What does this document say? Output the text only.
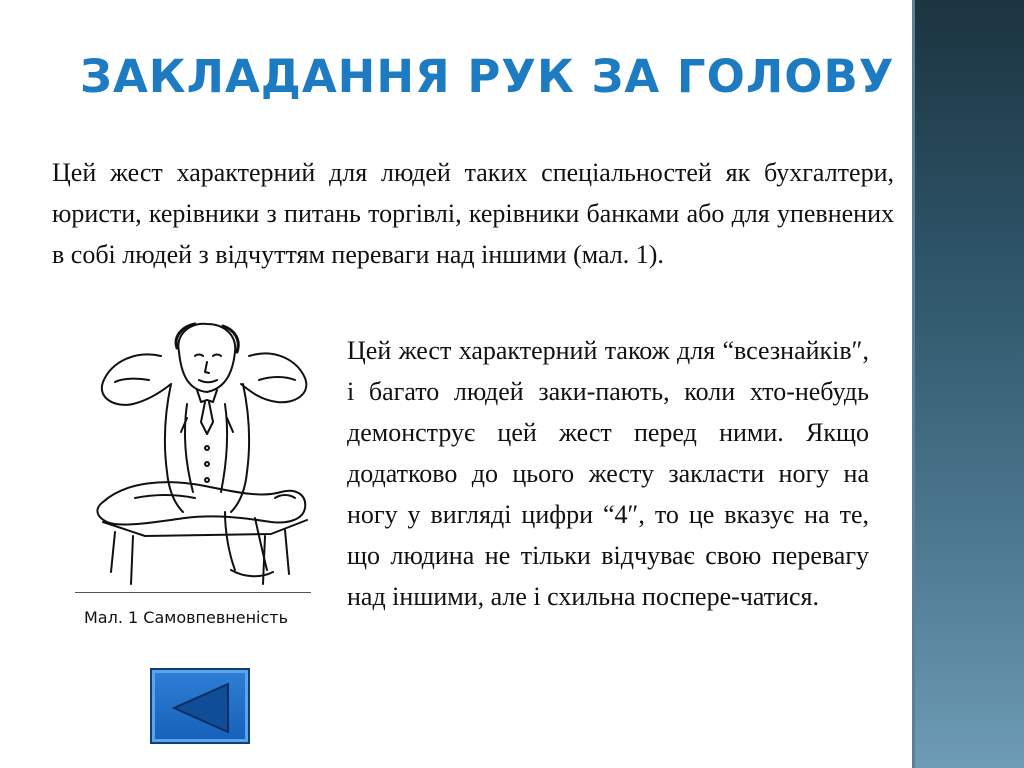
ЗАКЛАДАННЯ РУК ЗА ГОЛОВУ

Цей жест характерний для людей таких спеціальностей як бухгалтери, юристи, керівники з питань торгівлі, керівники банками або для упевнених в собі людей з відчуттям переваги над іншими (мал. 1).

Мал. 1 Самовпевненість

Цей жест характерний також для “всезнайків″, і багато людей заки-пають, коли хто-небудь демонструє цей жест перед ними. Якщо додатково до цього жесту закласти ногу на ногу у вигляді цифри “4″, то це вказує на те, що людина не тільки відчуває свою перевагу над іншими, але і схильна поспере-чатися.
